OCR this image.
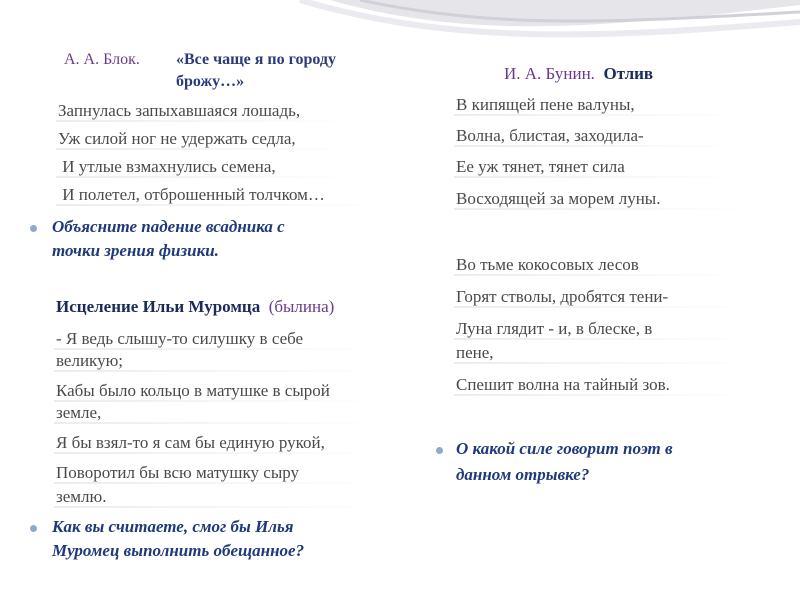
А. А. Блок. «Все чаще я по городу
брожу…»
Запнулась запыхавшаяся лошадь,
Уж силой ног не удержать седла,
И утлые взмахнулись семена,
И полетел, отброшенный толчком…
Объясните падение всадника с
точки зрения физики.
Исцеление Ильи Муромца (былина)
- Я ведь слышу-то силушку в себе
великую;
Кабы было кольцо в матушке в сырой
земле,
Я бы взял-то я сам бы единую рукой,
Поворотил бы всю матушку сыру
землю.
Как вы считаете, смог бы Илья
Муромец выполнить обещанное?
И. А. Бунин. Отлив
В кипящей пене валуны,
Волна, блистая, заходила-
Ее уж тянет, тянет сила
Восходящей за морем луны.
Во тьме кокосовых лесов
Горят стволы, дробятся тени-
Луна глядит - и, в блеске, в
пене,
Спешит волна на тайный зов.
О какой силе говорит поэт в
данном отрывке?
